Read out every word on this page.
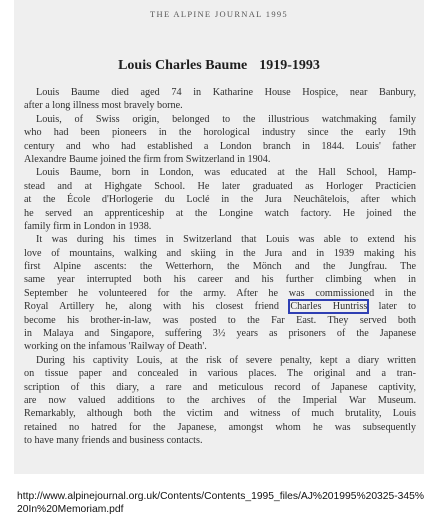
THE ALPINE JOURNAL 1995
Louis Charles Baume 1919-1993
Louis Baume died aged 74 in Katharine House Hospice, near Banbury,
after a long illness most bravely borne.
Louis, of Swiss origin, belonged to the illustrious watchmaking family
who had been pioneers in the horological industry since the early 19th
century and who had established a London branch in 1844. Louis' father
Alexandre Baume joined the firm from Switzerland in 1904.
Louis Baume, born in London, was educated at the Hall School, Hamp-
stead and at Highgate School. He later graduated as Horloger Practicien
at the École d'Horlogerie du Loclé in the Jura Neuchâtelois, after which
he served an apprenticeship at the Longine watch factory. He joined the
family firm in London in 1938.
It was during his times in Switzerland that Louis was able to extend his
love of mountains, walking and skiing in the Jura and in 1939 making his
first Alpine ascents: the Wetterhorn, the Mönch and the Jungfrau. The
same year interrupted both his career and his further climbing when in
September he volunteered for the army. After he was commissioned in the
Royal Artillery he, along with his closest friend Charles Huntriss later to
become his brother-in-law, was posted to the Far East. They served both
in Malaya and Singapore, suffering 3½ years as prisoners of the Japanese
working on the infamous 'Railway of Death'.
During his captivity Louis, at the risk of severe penalty, kept a diary written
on tissue paper and concealed in various places. The original and a tran-
scription of this diary, a rare and meticulous record of Japanese captivity,
are now valued additions to the archives of the Imperial War Museum.
Remarkably, although both the victim and witness of much brutality, Louis
retained no hatred for the Japanese, amongst whom he was subsequently
to have many friends and business contacts.
http://www.alpinejournal.org.uk/Contents/Contents_1995_files/AJ%201995%20325-345%20In%20Memoriam.pdf
